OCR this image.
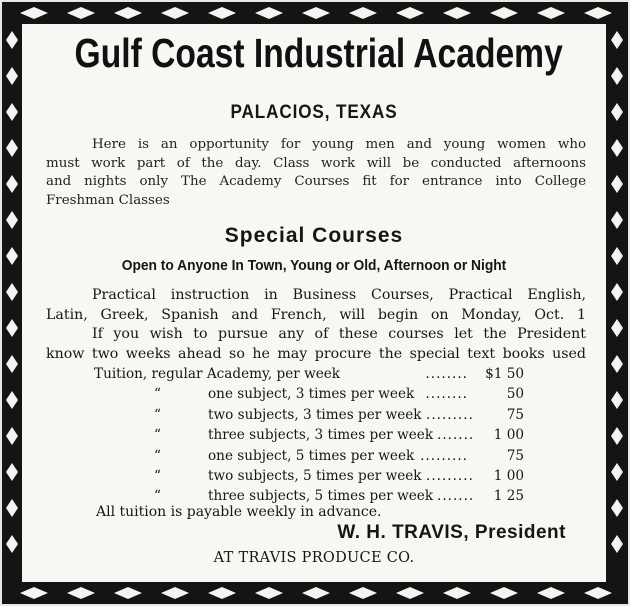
Gulf Coast Industrial Academy
PALACIOS, TEXAS
Here is an opportunity for young men and young women who
must work part of the day. Class work will be conducted afternoons
and nights only The Academy Courses fit for entrance into College
Freshman Classes
Special Courses
Open to Anyone In Town, Young or Old, Afternoon or Night
Practical instruction in Business Courses, Practical English,
Latin, Greek, Spanish and French, will begin on Monday, Oct. 1
If you wish to pursue any of these courses let the President
know two weeks ahead so he may procure the special text books used
Tuition, regular Academy, per week	........	$1 50
“	one subject, 3 times per week ........	50
“	two subjects, 3 times per week .........	75
“	three subjects, 3 times per week .......	1 00
“	one subject, 5 times per week .........	75
“	two subjects, 5 times per week .........	1 00
“	three subjects, 5 times per week .......	1 25
All tuition is payable weekly in advance.
W. H. TRAVIS, President
AT TRAVIS PRODUCE CO.
